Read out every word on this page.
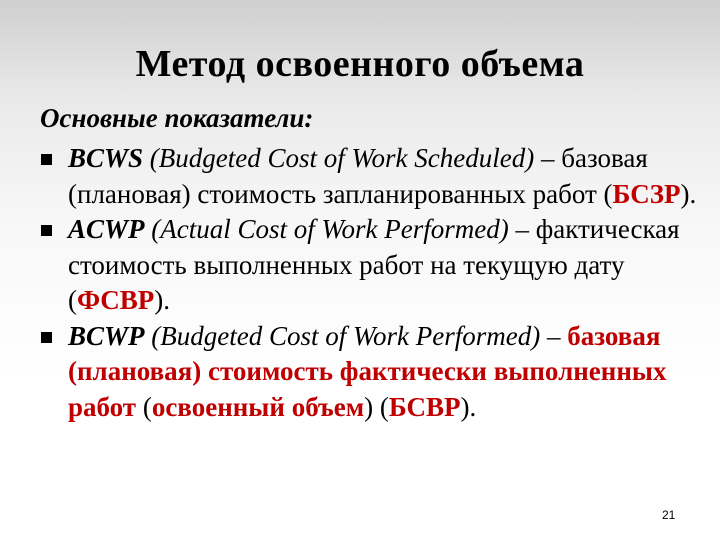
Метод освоенного объема
Основные показатели:
BCWS (Budgeted Cost of Work Scheduled) – базовая (плановая) стоимость запланированных работ (БСЗР).
ACWP (Actual Cost of Work Performed) – фактическая стоимость выполненных работ на текущую дату (ФСВР).
BCWP (Budgeted Cost of Work Performed) – базовая (плановая) стоимость фактически выполненных работ (освоенный объем) (БСВР).
21
